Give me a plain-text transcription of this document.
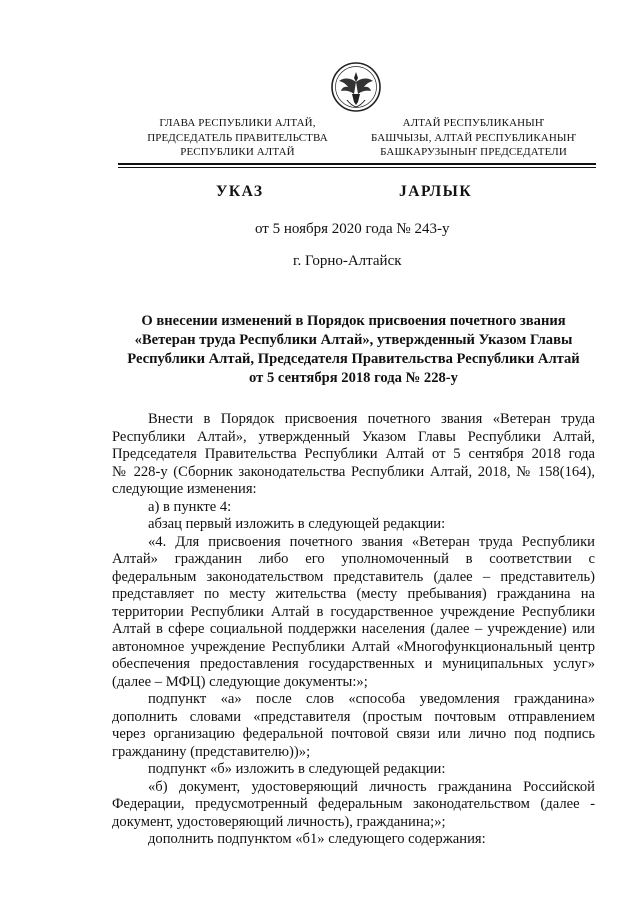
ГЛАВА РЕСПУБЛИКИ АЛТАЙ,
ПРЕДСЕДАТЕЛЬ ПРАВИТЕЛЬСТВА
РЕСПУБЛИКИ АЛТАЙ
АЛТАЙ РЕСПУБЛИКАНЫҤ
БАШЧЫЗЫ, АЛТАЙ РЕСПУБЛИКАНЫҤ
БАШКАРУЗЫНЫҤ ПРЕДСЕДАТЕЛИ
УКАЗ	JАРЛЫК
от 5 ноября 2020 года № 243-у
г. Горно-Алтайск
О внесении изменений в Порядок присвоения почетного звания
«Ветеран труда Республики Алтай», утвержденный Указом Главы
Республики Алтай, Председателя Правительства Республики Алтай
от 5 сентября 2018 года № 228-у
Внести в Порядок присвоения почетного звания «Ветеран труда
Республики Алтай», утвержденный Указом Главы Республики Алтай,
Председателя Правительства Республики Алтай от 5 сентября 2018 года
№ 228-у (Сборник законодательства Республики Алтай, 2018, № 158(164),
следующие изменения:
а) в пункте 4:
абзац первый изложить в следующей редакции:
«4. Для присвоения почетного звания «Ветеран труда Республики
Алтай» гражданин либо его уполномоченный в соответствии с
федеральным законодательством представитель (далее – представитель)
представляет по месту жительства (месту пребывания) гражданина на
территории Республики Алтай в государственное учреждение Республики
Алтай в сфере социальной поддержки населения (далее – учреждение) или
автономное учреждение Республики Алтай «Многофункциональный центр
обеспечения предоставления государственных и муниципальных услуг»
(далее – МФЦ) следующие документы:»;
подпункт «а» после слов «способа уведомления гражданина»
дополнить словами «представителя (простым почтовым отправлением
через организацию федеральной почтовой связи или лично под подпись
гражданину (представителю))»;
подпункт «б» изложить в следующей редакции:
«б) документ, удостоверяющий личность гражданина Российской
Федерации, предусмотренный федеральным законодательством (далее -
документ, удостоверяющий личность), гражданина;»;
дополнить подпунктом «б1» следующего содержания:
